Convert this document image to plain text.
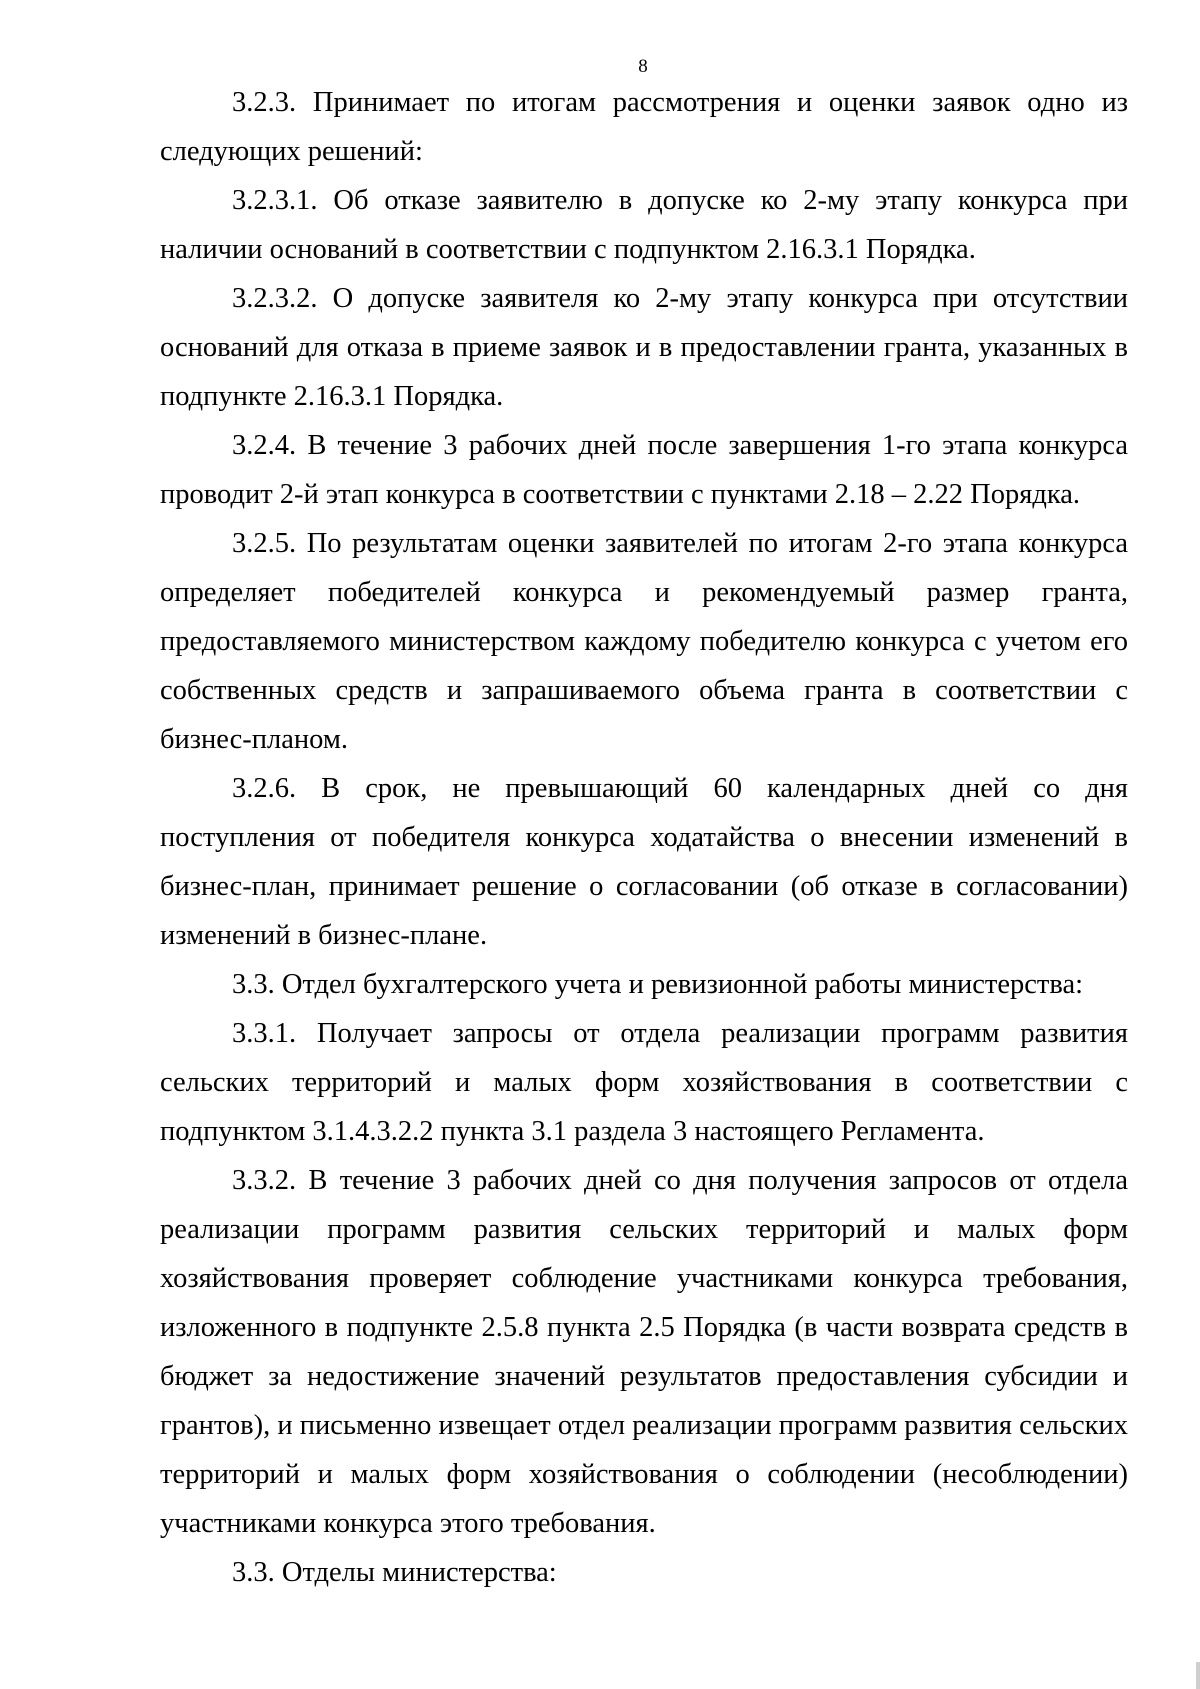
8

3.2.3. Принимает по итогам рассмотрения и оценки заявок одно из следующих решений:

3.2.3.1. Об отказе заявителю в допуске ко 2-му этапу конкурса при наличии оснований в соответствии с подпунктом 2.16.3.1 Порядка.

3.2.3.2. О допуске заявителя ко 2-му этапу конкурса при отсутствии оснований для отказа в приеме заявок и в предоставлении гранта, указанных в подпункте 2.16.3.1 Порядка.

3.2.4. В течение 3 рабочих дней после завершения 1-го этапа конкурса проводит 2-й этап конкурса в соответствии с пунктами 2.18 – 2.22 Порядка.

3.2.5. По результатам оценки заявителей по итогам 2-го этапа конкурса определяет победителей конкурса и рекомендуемый размер гранта, предоставляемого министерством каждому победителю конкурса с учетом его собственных средств и запрашиваемого объема гранта в соответствии с бизнес-планом.

3.2.6. В срок, не превышающий 60 календарных дней со дня поступления от победителя конкурса ходатайства о внесении изменений в бизнес-план, принимает решение о согласовании (об отказе в согласовании) изменений в бизнес-плане.

3.3. Отдел бухгалтерского учета и ревизионной работы министерства:

3.3.1. Получает запросы от отдела реализации программ развития сельских территорий и малых форм хозяйствования в соответствии с подпунктом 3.1.4.3.2.2 пункта 3.1 раздела 3 настоящего Регламента.

3.3.2. В течение 3 рабочих дней со дня получения запросов от отдела реализации программ развития сельских территорий и малых форм хозяйствования проверяет соблюдение участниками конкурса требования, изложенного в подпункте 2.5.8 пункта 2.5 Порядка (в части возврата средств в бюджет за недостижение значений результатов предоставления субсидии и грантов), и письменно извещает отдел реализации программ развития сельских территорий и малых форм хозяйствования о соблюдении (несоблюдении) участниками конкурса этого требования.

3.3. Отделы министерства:
